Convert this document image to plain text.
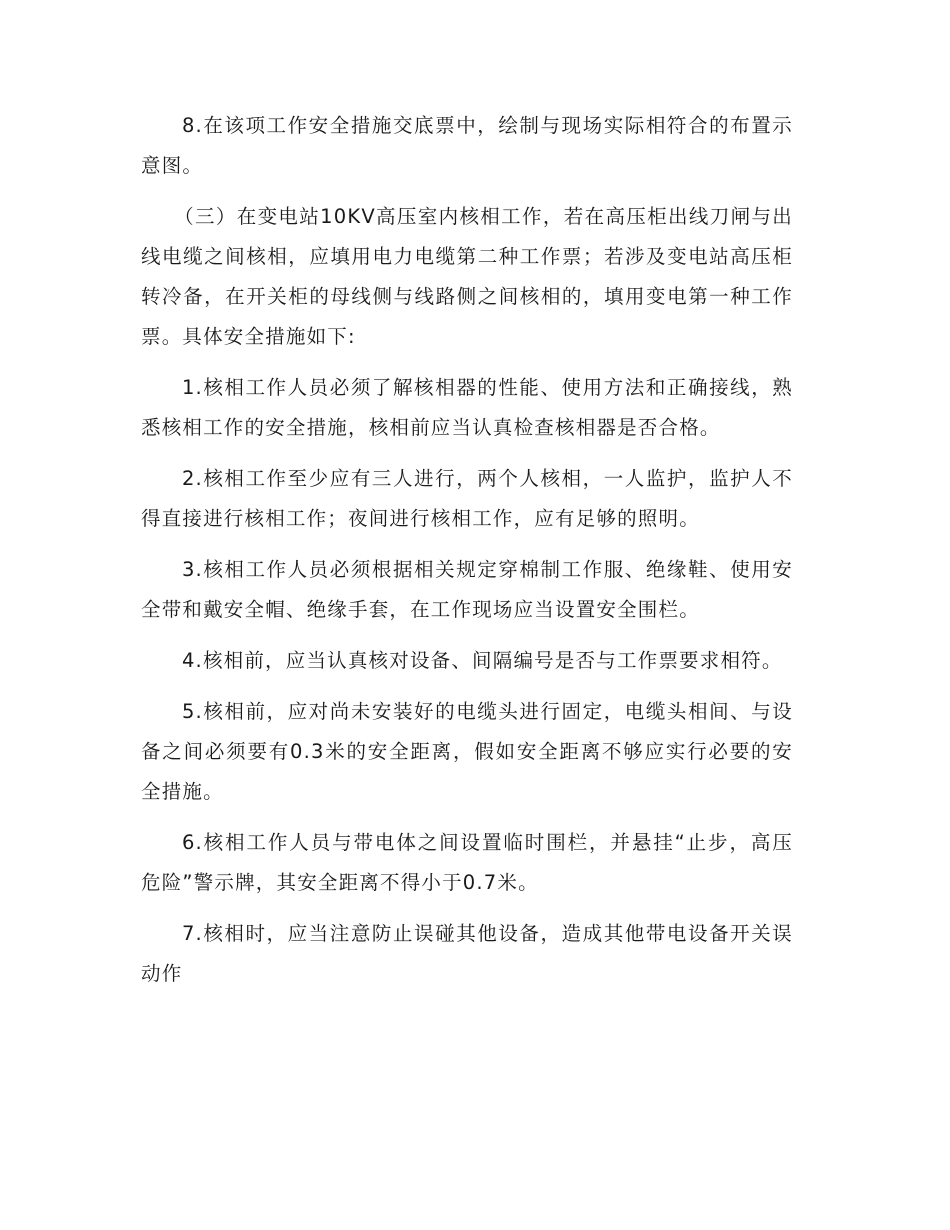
8.在该项工作安全措施交底票中，绘制与现场实际相符合的布置示意图。

（三）在变电站10KV高压室内核相工作，若在高压柜出线刀闸与出线电缆之间核相，应填用电力电缆第二种工作票；若涉及变电站高压柜转冷备，在开关柜的母线侧与线路侧之间核相的，填用变电第一种工作票。具体安全措施如下:

1.核相工作人员必须了解核相器的性能、使用方法和正确接线，熟悉核相工作的安全措施，核相前应当认真检查核相器是否合格。

2.核相工作至少应有三人进行，两个人核相，一人监护，监护人不得直接进行核相工作；夜间进行核相工作，应有足够的照明。

3.核相工作人员必须根据相关规定穿棉制工作服、绝缘鞋、使用安全带和戴安全帽、绝缘手套，在工作现场应当设置安全围栏。

4.核相前，应当认真核对设备、间隔编号是否与工作票要求相符。

5.核相前，应对尚未安装好的电缆头进行固定，电缆头相间、与设备之间必须要有0.3米的安全距离，假如安全距离不够应实行必要的安全措施。

6.核相工作人员与带电体之间设置临时围栏，并悬挂“止步，高压危险”警示牌，其安全距离不得小于0.7米。

7.核相时，应当注意防止误碰其他设备，造成其他带电设备开关误动作
